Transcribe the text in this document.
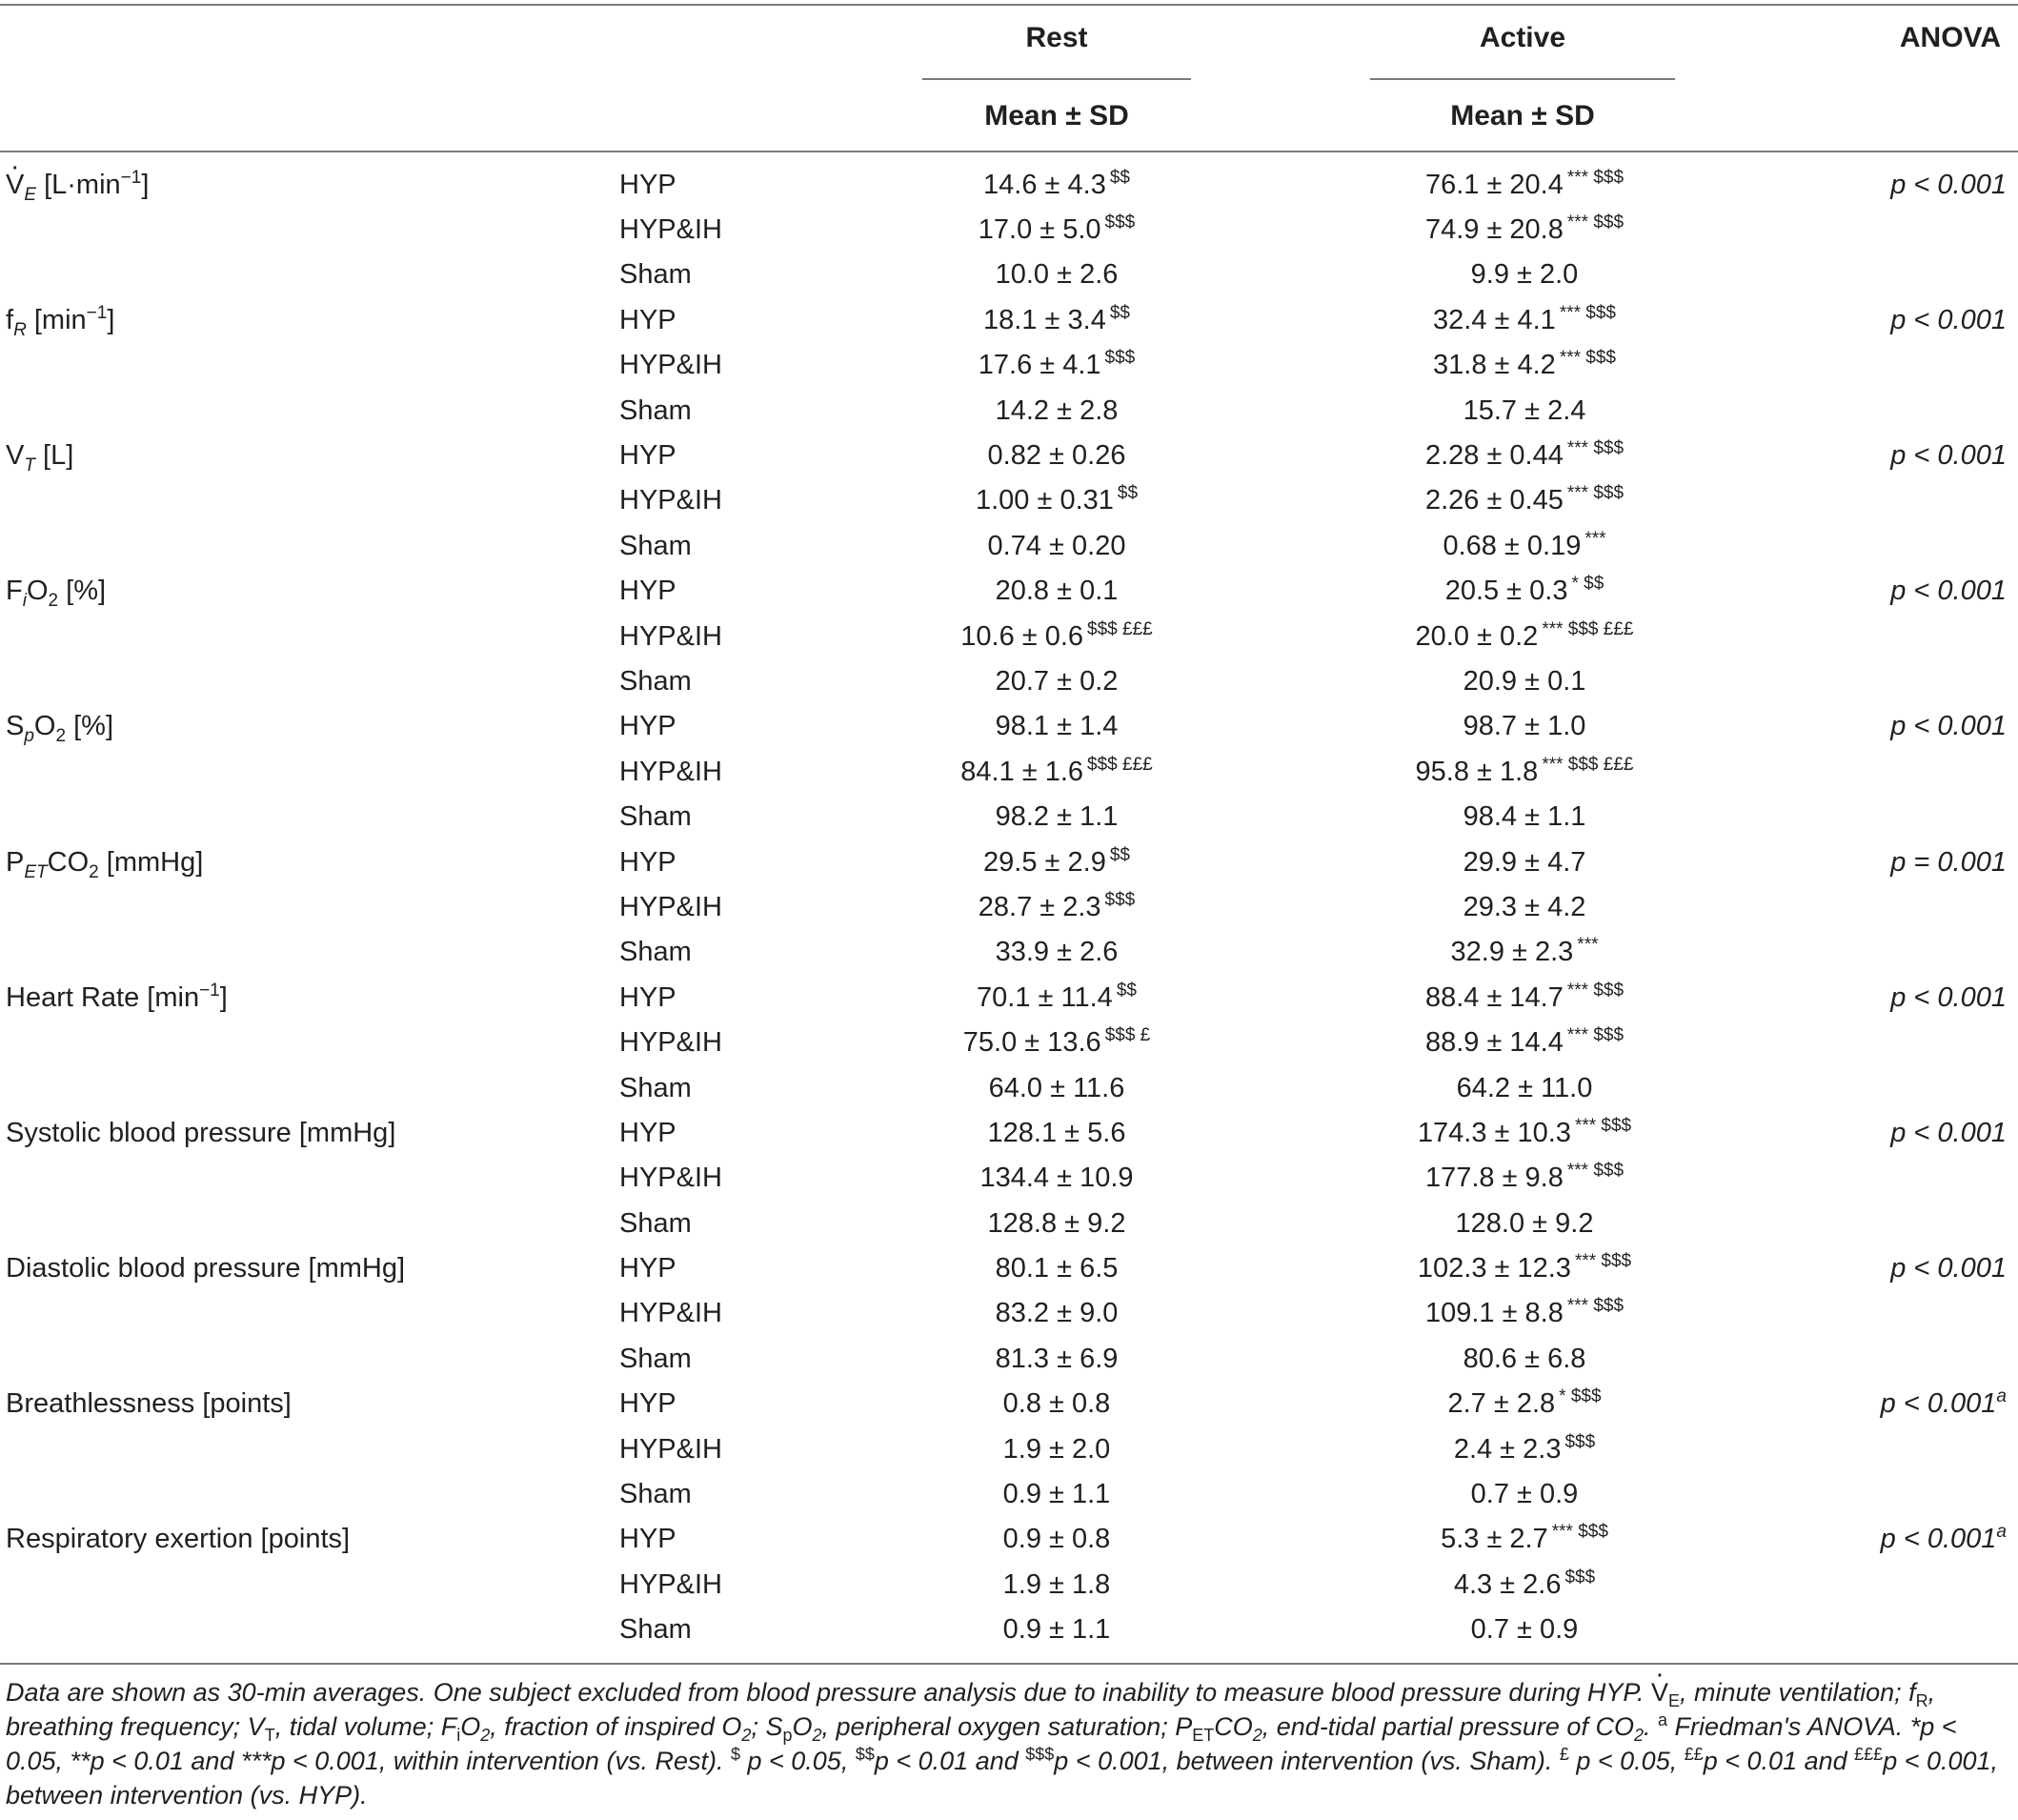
Rest	Active	ANOVA
Mean ± SD	Mean ± SD
· $V_E$ $[L\cdot\min^{-1}]$	HYP	14.6 ± 4.3 $$		76.1 ± 20.4 *** $$$	p < 0.001
	HYP&IH	17.0 ± 5.0 $$$		74.9 ± 20.8 *** $$$	
	Sham	10.0 ± 2.6		9.9 ± 2.0	
$f_R$ $[\min^{-1}]$	HYP	18.1 ± 3.4 $$		32.4 ± 4.1 *** $$$	p < 0.001
	HYP&IH	17.6 ± 4.1 $$$		31.8 ± 4.2 *** $$$	
	Sham	14.2 ± 2.8		15.7 ± 2.4	
$V_T$ [L]	HYP	0.82 ± 0.26		2.28 ± 0.44 *** $$$	p < 0.001
	HYP&IH	1.00 ± 0.31 $$		2.26 ± 0.45 *** $$$	
	Sham	0.74 ± 0.20		0.68 ± 0.19 ***	
$F_iO_2$ [%]	HYP	20.8 ± 0.1		20.5 ± 0.3 * $$	p < 0.001
	HYP&IH	10.6 ± 0.6 $$$ £££		20.0 ± 0.2 *** $$$ £££	
	Sham	20.7 ± 0.2		20.9 ± 0.1	
$S_pO_2$ [%]	HYP	98.1 ± 1.4		98.7 ± 1.0	p < 0.001
	HYP&IH	84.1 ± 1.6 $$$ £££		95.8 ± 1.8 *** $$$ £££	
	Sham	98.2 ± 1.1		98.4 ± 1.1	
$P_{ET}CO_2$ [mmHg]	HYP	29.5 ± 2.9 $$		29.9 ± 4.7	p = 0.001
	HYP&IH	28.7 ± 2.3 $$$		29.3 ± 4.2	
	Sham	33.9 ± 2.6		32.9 ± 2.3 ***	
Heart Rate $[\min^{-1}]$	HYP	70.1 ± 11.4 $$		88.4 ± 14.7 *** $$$	p < 0.001
	HYP&IH	75.0 ± 13.6 $$$ £		88.9 ± 14.4 *** $$$	
	Sham	64.0 ± 11.6		64.2 ± 11.0	
Systolic blood pressure [mmHg]	HYP	128.1 ± 5.6		174.3 ± 10.3 *** $$$	p < 0.001
	HYP&IH	134.4 ± 10.9		177.8 ± 9.8 *** $$$	
	Sham	128.8 ± 9.2		128.0 ± 9.2	
Diastolic blood pressure [mmHg]	HYP	80.1 ± 6.5		102.3 ± 12.3 *** $$$	p < 0.001
	HYP&IH	83.2 ± 9.0		109.1 ± 8.8 *** $$$	
	Sham	81.3 ± 6.9		80.6 ± 6.8	
Breathlessness [points]	HYP	0.8 ± 0.8		2.7 ± 2.8 * $$$	p < 0.001$^a$
	HYP&IH	1.9 ± 2.0		2.4 ± 2.3 $$$	
	Sham	0.9 ± 1.1		0.7 ± 0.9	
Respiratory exertion [points]	HYP	0.9 ± 0.8		5.3 ± 2.7 *** $$$	p < 0.001$^a$
	HYP&IH	1.9 ± 1.8		4.3 ± 2.6 $$$	
	Sham	0.9 ± 1.1		0.7 ± 0.9	
Data are shown as 30-min averages. One subject excluded from blood pressure analysis due to inability to measure blood pressure during HYP. · $V_E$, minute ventilation; $f_R$, breathing frequency; $V_T$, tidal volume; $F_iO_2$, fraction of inspired $O_2$; $S_pO_2$, peripheral oxygen saturation; $P_{ET}CO_2$, end-tidal partial pressure of $CO_2$. $^a$ Friedman's ANOVA. *p < 0.05, **p < 0.01 and ***p < 0.001, within intervention (vs. Rest). $ p < 0.05, $$p < 0.01 and $$$p < 0.001, between intervention (vs. Sham). £ p < 0.05, ££p < 0.01 and £££p < 0.001, between intervention (vs. HYP).
